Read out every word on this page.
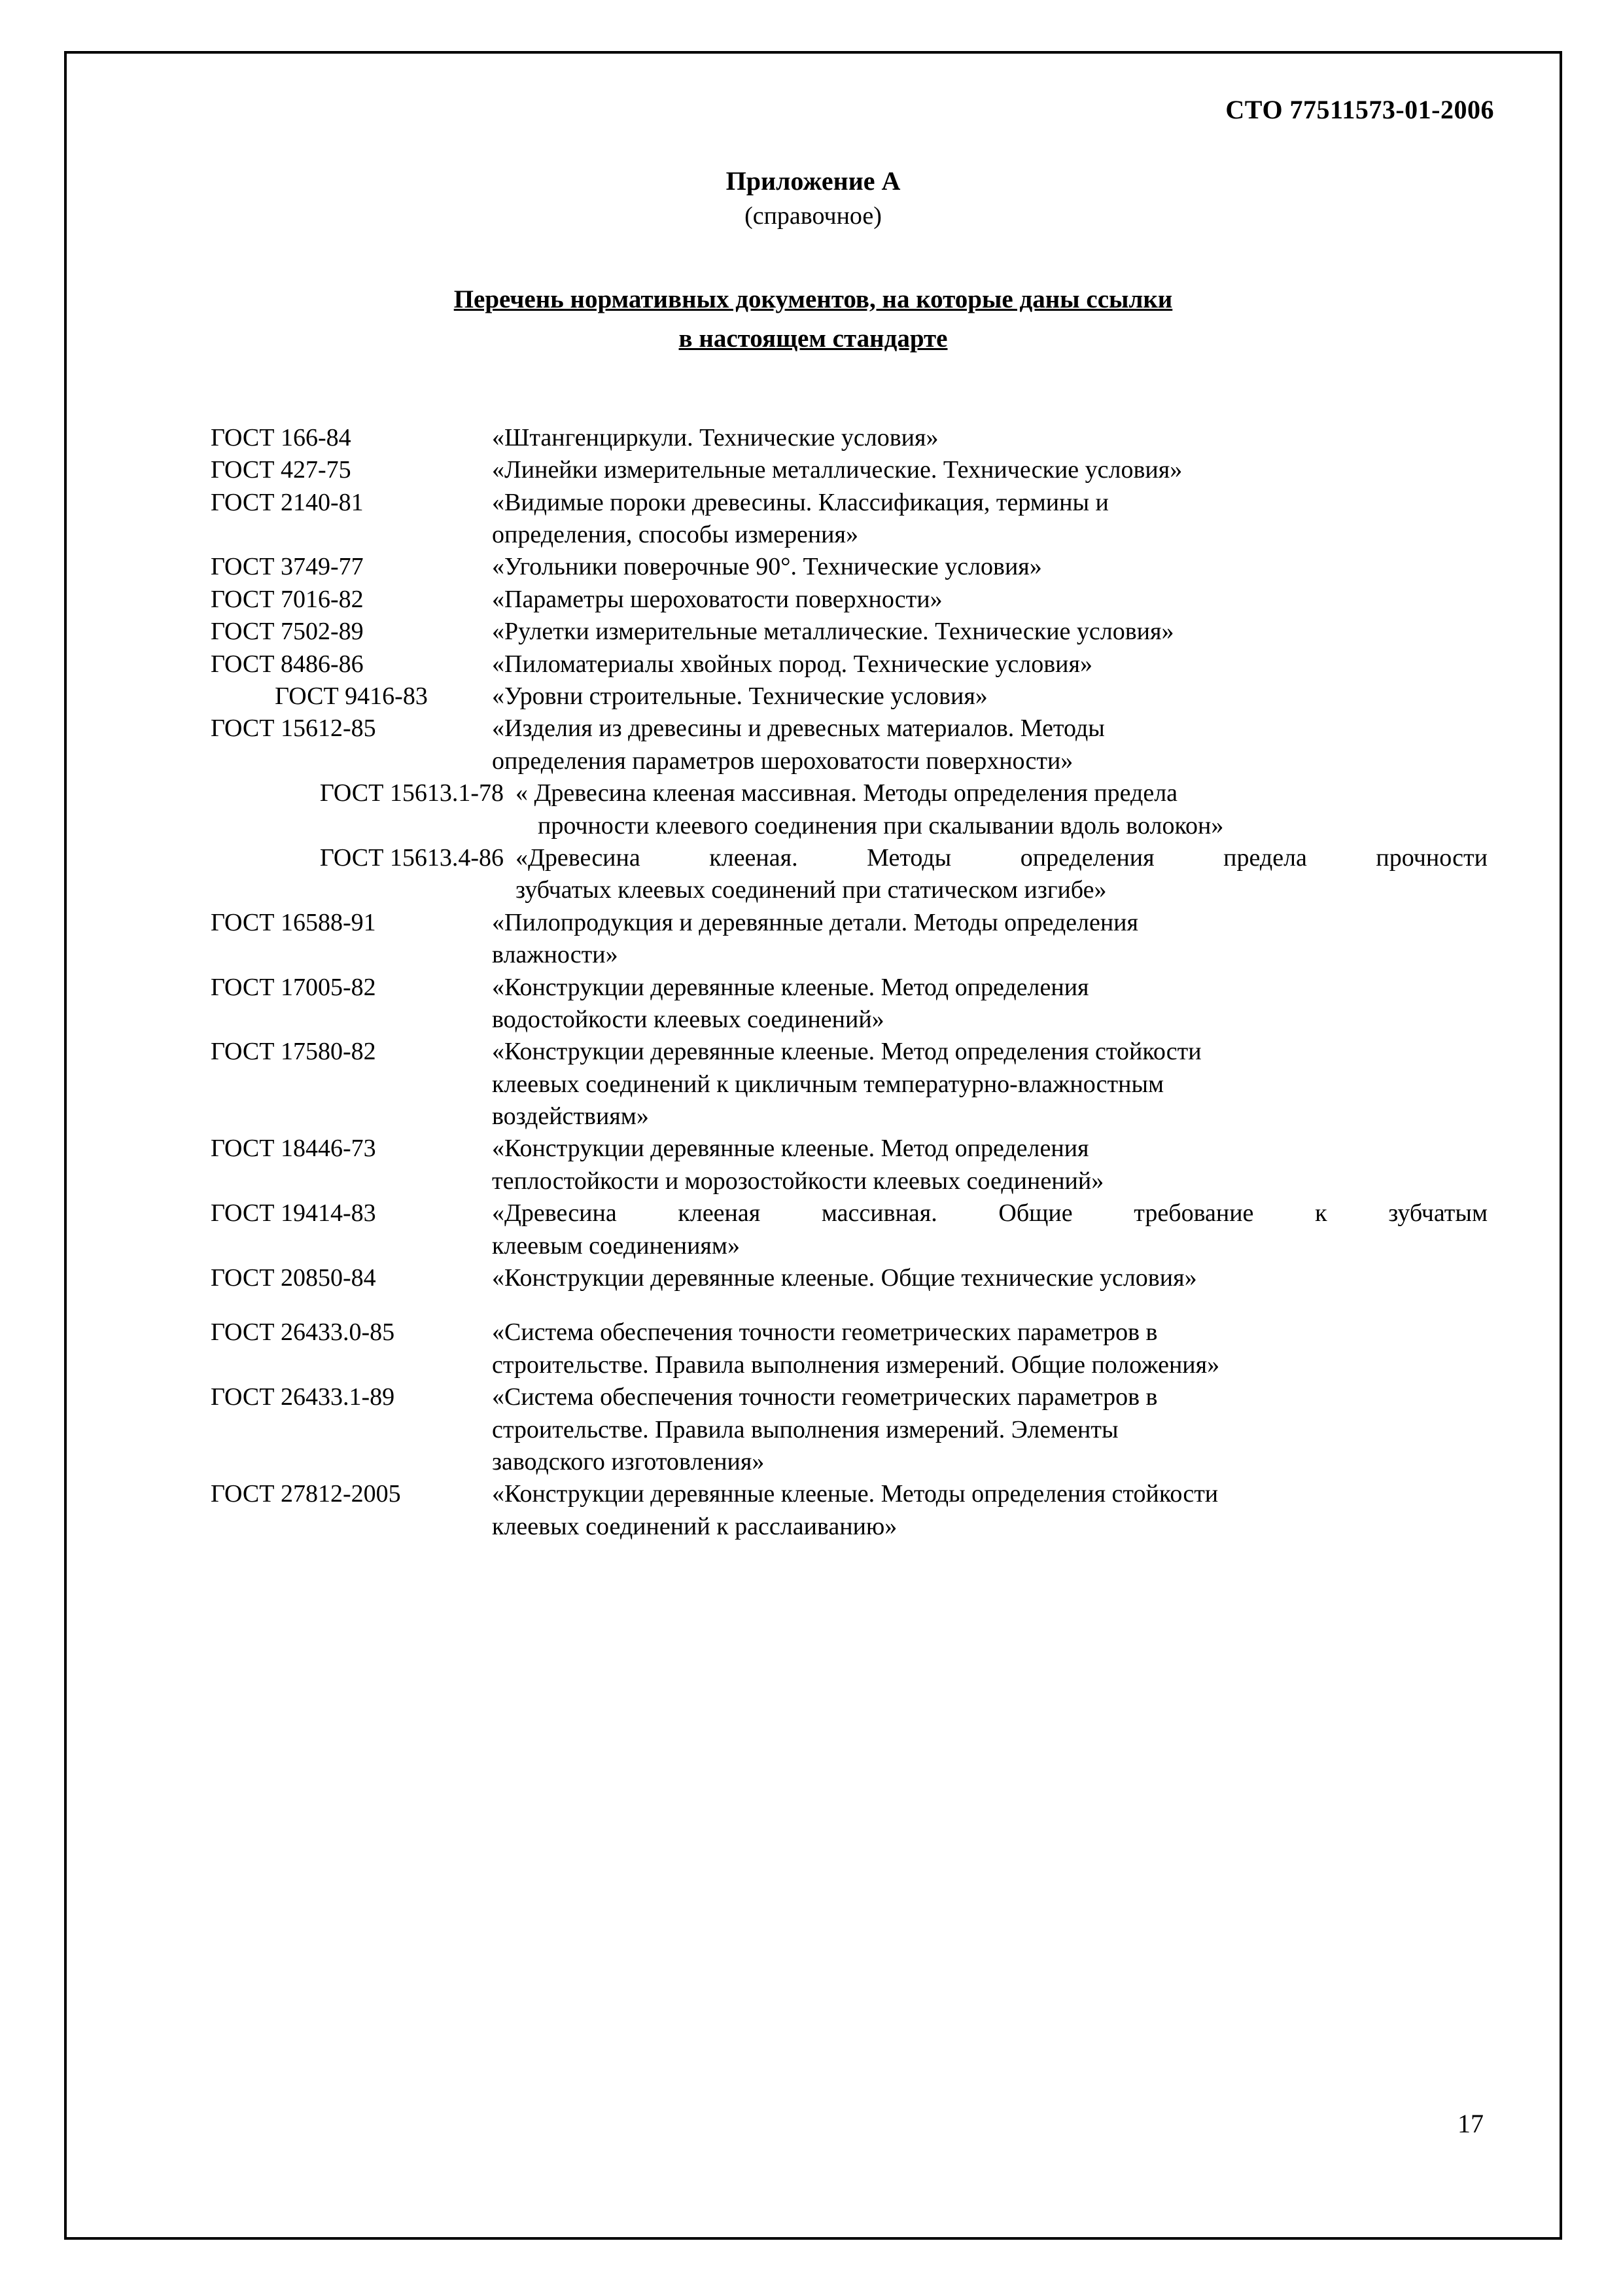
СТО 77511573-01-2006
Приложение А
(справочное)
Перечень нормативных документов, на которые даны ссылки
в настоящем стандарте
ГОСТ 166-84	«Штангенциркули. Технические условия»
ГОСТ 427-75	«Линейки измерительные металлические. Технические условия»
ГОСТ 2140-81	«Видимые пороки древесины. Классификация, термины и
определения, способы измерения»
ГОСТ 3749-77	«Угольники поверочные 90°. Технические условия»
ГОСТ 7016-82	«Параметры шероховатости поверхности»
ГОСТ 7502-89	«Рулетки измерительные металлические. Технические условия»
ГОСТ 8486-86	«Пиломатериалы хвойных пород. Технические условия»
ГОСТ 9416-83	«Уровни строительные. Технические условия»
ГОСТ 15612-85	«Изделия из древесины и древесных материалов. Методы
определения параметров шероховатости поверхности»
ГОСТ 15613.1-78 « Древесина клееная массивная. Методы определения предела
прочности клеевого соединения при скалывании вдоль волокон»
ГОСТ 15613.4-86 «Древесина клееная. Методы определения предела прочности
зубчатых клеевых соединений при статическом изгибе»
ГОСТ 16588-91	«Пилопродукция и деревянные детали. Методы определения
влажности»
ГОСТ 17005-82	«Конструкции деревянные клееные. Метод определения
водостойкости клеевых соединений»
ГОСТ 17580-82	«Конструкции деревянные клееные. Метод определения стойкости
клеевых соединений к цикличным температурно-влажностным
воздействиям»
ГОСТ 18446-73	«Конструкции деревянные клееные. Метод определения
теплостойкости и морозостойкости клеевых соединений»
ГОСТ 19414-83	«Древесина клееная массивная. Общие требование к зубчатым
клеевым соединениям»
ГОСТ 20850-84	«Конструкции деревянные клееные. Общие технические условия»
ГОСТ 26433.0-85	«Система обеспечения точности геометрических параметров в
строительстве. Правила выполнения измерений. Общие положения»
ГОСТ 26433.1-89	«Система обеспечения точности геометрических параметров в
строительстве. Правила выполнения измерений. Элементы
заводского изготовления»
ГОСТ 27812-2005	«Конструкции деревянные клееные. Методы определения стойкости
клеевых соединений к расслаиванию»
17
